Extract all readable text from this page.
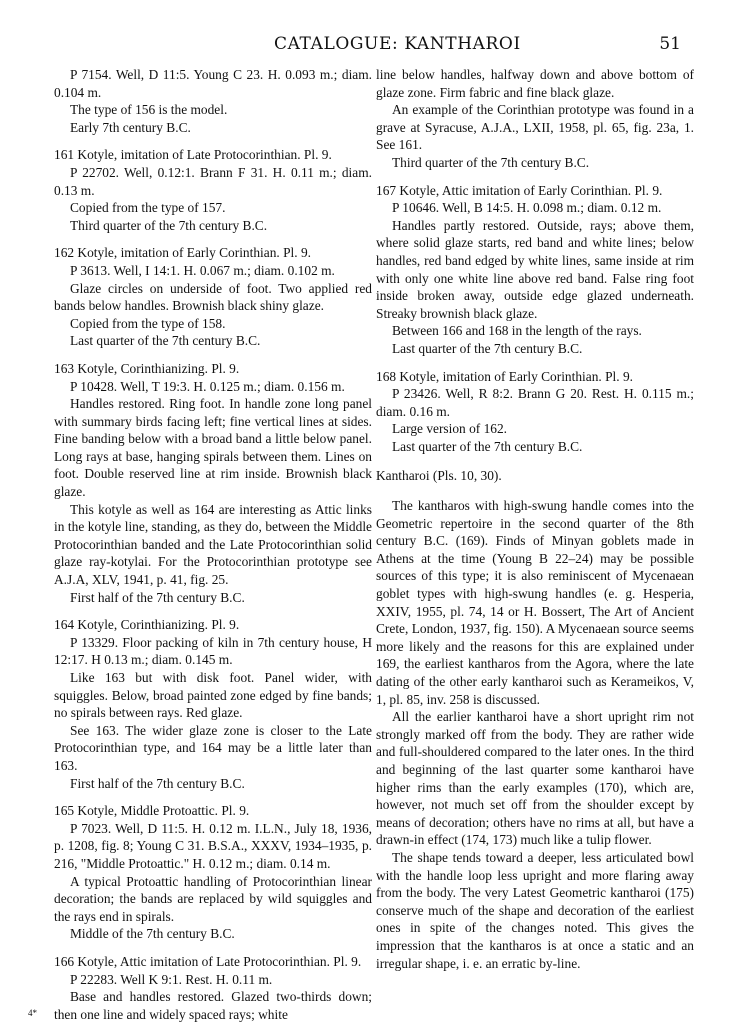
CATALOGUE: KANTHAROI	51

P 7154. Well, D 11:5. Young C 23. H. 0.093 m.; diam. 0.104 m.

The type of 156 is the model.

Early 7th century B.C.

161 Kotyle, imitation of Late Protocorinthian. Pl. 9.

P 22702. Well, 0.12:1. Brann F 31. H. 0.11 m.; diam. 0.13 m.

Copied from the type of 157.

Third quarter of the 7th century B.C.

162 Kotyle, imitation of Early Corinthian. Pl. 9.

P 3613. Well, I 14:1. H. 0.067 m.; diam. 0.102 m.

Glaze circles on underside of foot. Two applied red bands below handles. Brownish black shiny glaze.

Copied from the type of 158.

Last quarter of the 7th century B.C.

163 Kotyle, Corinthianizing. Pl. 9.

P 10428. Well, T 19:3. H. 0.125 m.; diam. 0.156 m.

Handles restored. Ring foot. In handle zone long panel with summary birds facing left; fine vertical lines at sides. Fine banding below with a broad band a little below panel. Long rays at base, hanging spirals between them. Lines on foot. Double reserved line at rim inside. Brownish black glaze.

This kotyle as well as 164 are interesting as Attic links in the kotyle line, standing, as they do, between the Middle Protocorinthian banded and the Late Protocorinthian solid glaze ray-kotylai. For the Protocorinthian prototype see A.J.A, XLV, 1941, p. 41, fig. 25.

First half of the 7th century B.C.

164 Kotyle, Corinthianizing. Pl. 9.

P 13329. Floor packing of kiln in 7th century house, H 12:17. H 0.13 m.; diam. 0.145 m.

Like 163 but with disk foot. Panel wider, with squiggles. Below, broad painted zone edged by fine bands; no spirals between rays. Red glaze.

See 163. The wider glaze zone is closer to the Late Protocorinthian type, and 164 may be a little later than 163.

First half of the 7th century B.C.

165 Kotyle, Middle Protoattic. Pl. 9.

P 7023. Well, D 11:5. H. 0.12 m. I.L.N., July 18, 1936, p. 1208, fig. 8; Young C 31. B.S.A., XXXV, 1934–1935, p. 216, "Middle Protoattic." H. 0.12 m.; diam. 0.14 m.

A typical Protoattic handling of Protocorinthian linear decoration; the bands are replaced by wild squiggles and the rays end in spirals.

Middle of the 7th century B.C.

166 Kotyle, Attic imitation of Late Protocorinthian. Pl. 9.

P 22283. Well K 9:1. Rest. H. 0.11 m.

Base and handles restored. Glazed two-thirds down; then one line and widely spaced rays; white

line below handles, halfway down and above bottom of glaze zone. Firm fabric and fine black glaze.

An example of the Corinthian prototype was found in a grave at Syracuse, A.J.A., LXII, 1958, pl. 65, fig. 23a, 1. See 161.

Third quarter of the 7th century B.C.

167 Kotyle, Attic imitation of Early Corinthian. Pl. 9.

P 10646. Well, B 14:5. H. 0.098 m.; diam. 0.12 m.

Handles partly restored. Outside, rays; above them, where solid glaze starts, red band and white lines; below handles, red band edged by white lines, same inside at rim with only one white line above red band. False ring foot inside broken away, outside edge glazed underneath. Streaky brownish black glaze.

Between 166 and 168 in the length of the rays.

Last quarter of the 7th century B.C.

168 Kotyle, imitation of Early Corinthian. Pl. 9.

P 23426. Well, R 8:2. Brann G 20. Rest. H. 0.115 m.; diam. 0.16 m.

Large version of 162.

Last quarter of the 7th century B.C.

Kantharoi (Pls. 10, 30).

The kantharos with high-swung handle comes into the Geometric repertoire in the second quarter of the 8th century B.C. (169). Finds of Minyan goblets made in Athens at the time (Young B 22–24) may be possible sources of this type; it is also reminiscent of Mycenaean goblet types with high-swung handles (e. g. Hesperia, XXIV, 1955, pl. 74, 14 or H. Bossert, The Art of Ancient Crete, London, 1937, fig. 150). A Mycenaean source seems more likely and the reasons for this are explained under 169, the earliest kantharos from the Agora, where the late dating of the other early kantharoi such as Kerameikos, V, 1, pl. 85, inv. 258 is discussed.

All the earlier kantharoi have a short upright rim not strongly marked off from the body. They are rather wide and full-shouldered compared to the later ones. In the third and beginning of the last quarter some kantharoi have higher rims than the early examples (170), which are, however, not much set off from the shoulder except by means of decoration; others have no rims at all, but have a drawn-in effect (174, 173) much like a tulip flower.

The shape tends toward a deeper, less articulated bowl with the handle loop less upright and more flaring away from the body. The very Latest Geometric kantharoi (175) conserve much of the shape and decoration of the earliest ones in spite of the changes noted. This gives the impression that the kantharos is at once a static and an irregular shape, i. e. an erratic by-line.

4*
